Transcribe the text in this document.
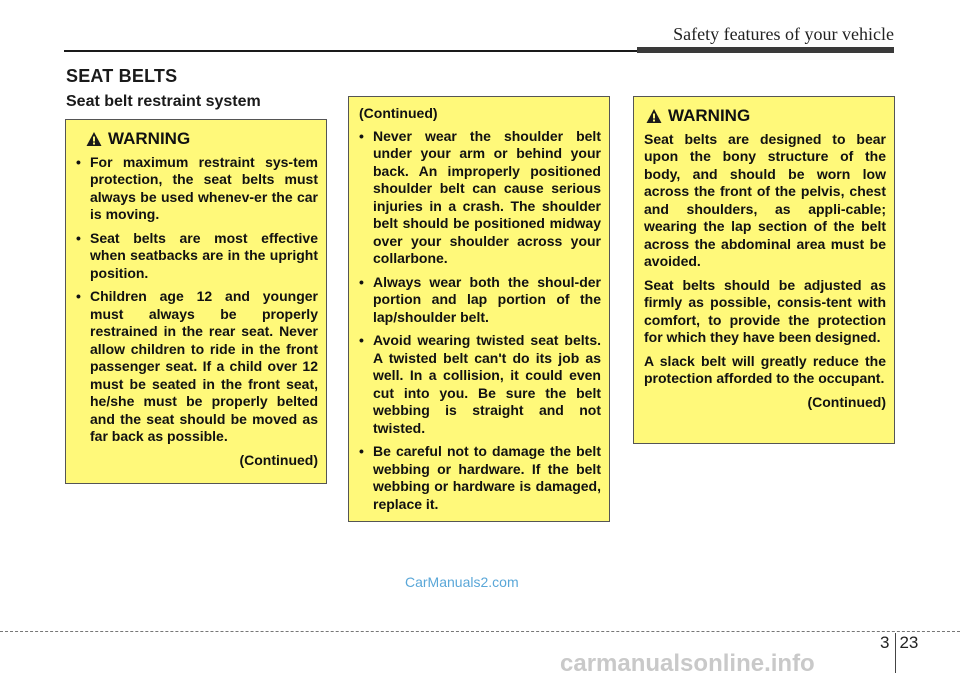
Safety features of your vehicle
SEAT BELTS
Seat belt restraint system
WARNING
• For maximum restraint sys-tem protection, the seat belts must always be used whenev-er the car is moving.
• Seat belts are most effective when seatbacks are in the upright position.
• Children age 12 and younger must always be properly restrained in the rear seat. Never allow children to ride in the front passenger seat. If a child over 12 must be seated in the front seat, he/she must be properly belted and the seat should be moved as far back as possible.
(Continued)
(Continued)
• Never wear the shoulder belt under your arm or behind your back. An improperly positioned shoulder belt can cause serious injuries in a crash. The shoulder belt should be positioned midway over your shoulder across your collarbone.
• Always wear both the shoul-der portion and lap portion of the lap/shoulder belt.
• Avoid wearing twisted seat belts. A twisted belt can't do its job as well. In a collision, it could even cut into you. Be sure the belt webbing is straight and not twisted.
• Be careful not to damage the belt webbing or hardware. If the belt webbing or hardware is damaged, replace it.
WARNING

Seat belts are designed to bear upon the bony structure of the body, and should be worn low across the front of the pelvis, chest and shoulders, as appli-cable; wearing the lap section of the belt across the abdominal area must be avoided.

Seat belts should be adjusted as firmly as possible, consis-tent with comfort, to provide the protection for which they have been designed.

A slack belt will greatly reduce the protection afforded to the occupant.

(Continued)
CarManuals2.com
3 23
carmanualsonline.info
